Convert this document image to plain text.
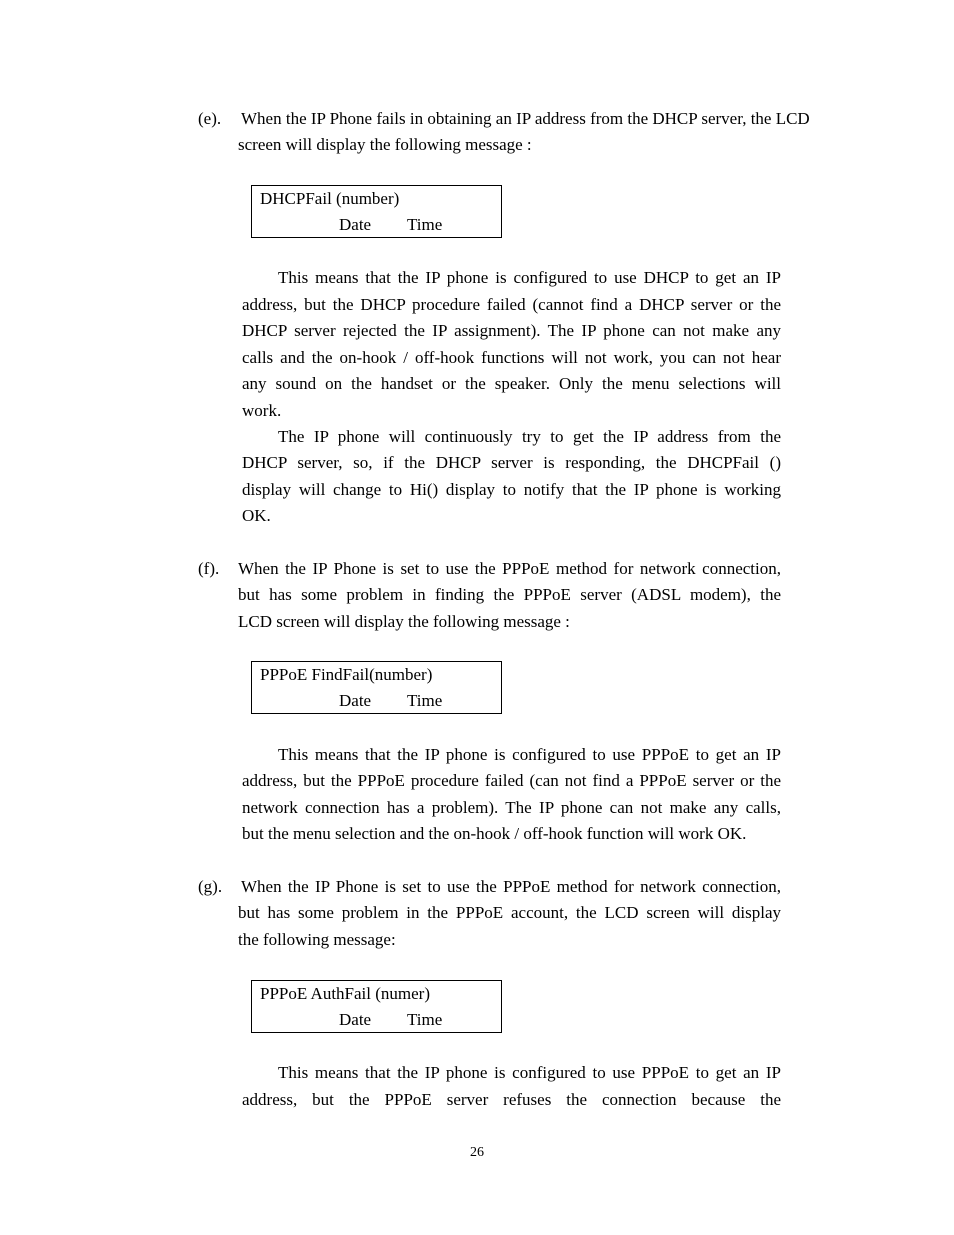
(e). When the IP Phone fails in obtaining an IP address from the DHCP server, the LCD
screen will display the following message :
DHCPFail (number)
Date Time
This means that the IP phone is configured to use DHCP to get an IP
address, but the DHCP procedure failed (cannot find a DHCP server or the
DHCP server rejected the IP assignment). The IP phone can not make any
calls and the on-hook / off-hook functions will not work, you can not hear
any sound on the handset or the speaker. Only the menu selections will
work.
The IP phone will continuously try to get the IP address from the
DHCP server, so, if the DHCP server is responding, the DHCPFail ()
display will change to Hi() display to notify that the IP phone is working
OK.
(f). When the IP Phone is set to use the PPPoE method for network connection,
but has some problem in finding the PPPoE server (ADSL modem), the
LCD screen will display the following message :
PPPoE FindFail(number)
Date Time
This means that the IP phone is configured to use PPPoE to get an IP
address, but the PPPoE procedure failed (can not find a PPPoE server or the
network connection has a problem). The IP phone can not make any calls,
but the menu selection and the on-hook / off-hook function will work OK.
(g). When the IP Phone is set to use the PPPoE method for network connection,
but has some problem in the PPPoE account, the LCD screen will display
the following message:
PPPoE AuthFail (numer)
Date Time
This means that the IP phone is configured to use PPPoE to get an IP
address, but the PPPoE server refuses the connection because the
26
